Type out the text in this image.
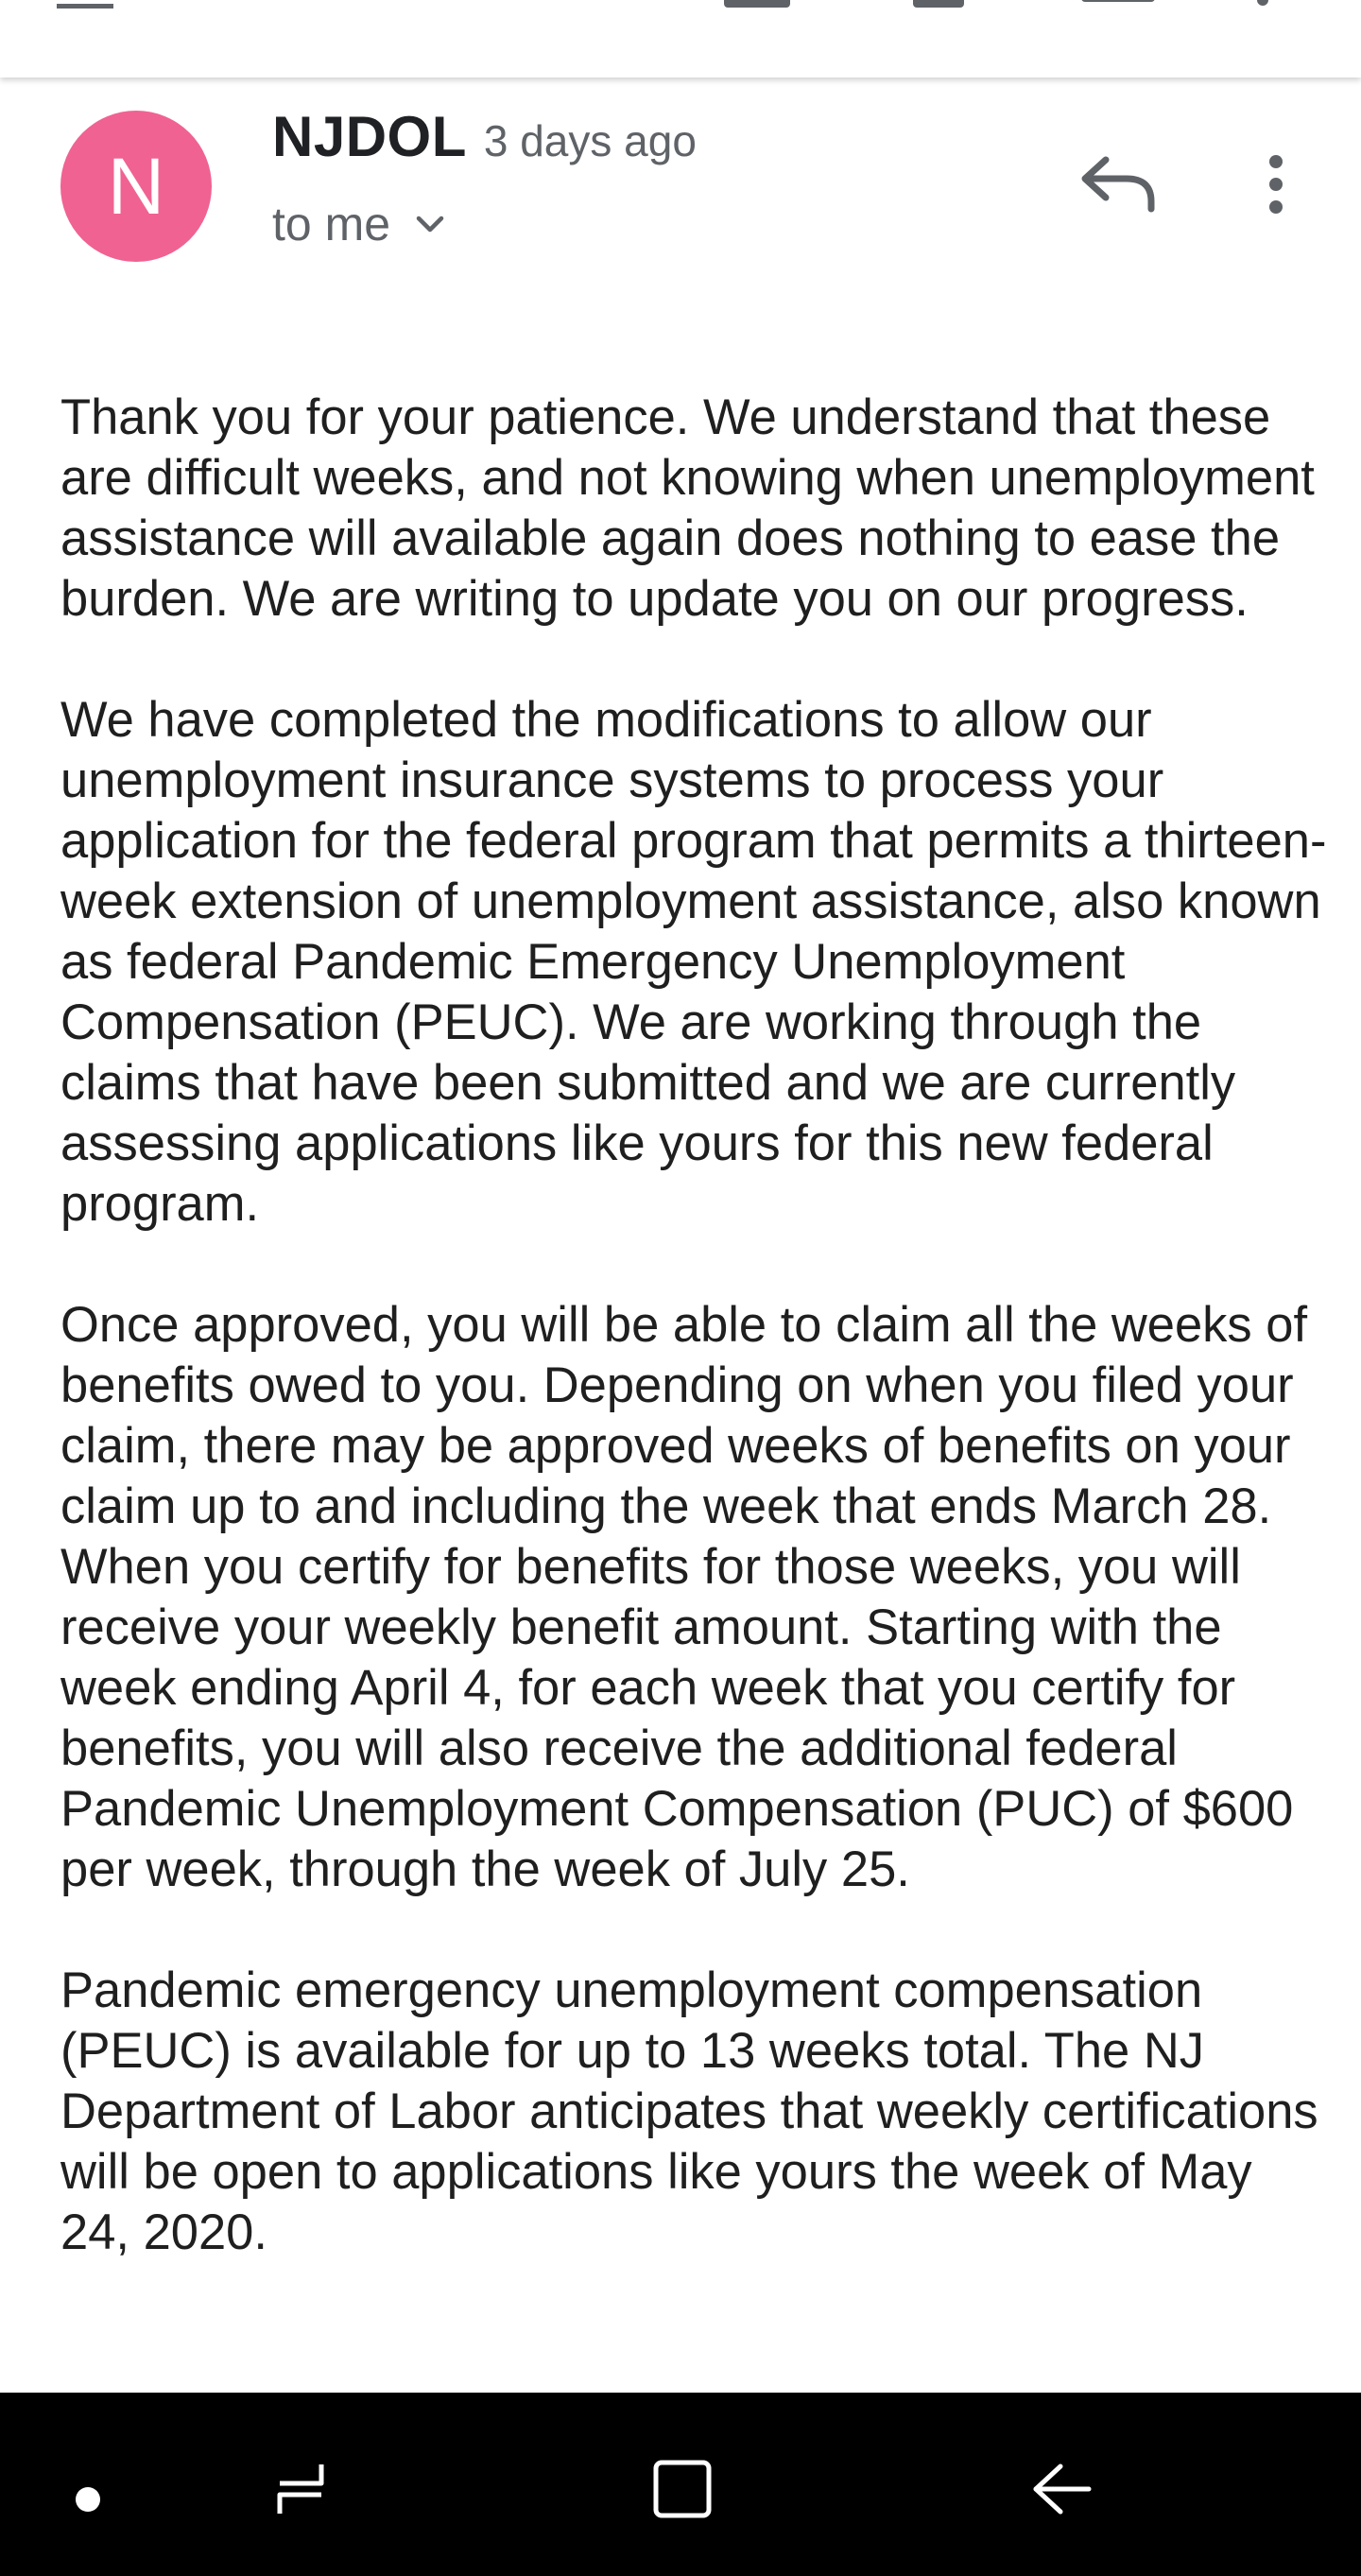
N
NJDOL 3 days ago
to me

Thank you for your patience. We understand that these are difficult weeks, and not knowing when unemployment assistance will available again does nothing to ease the burden. We are writing to update you on our progress.

We have completed the modifications to allow our unemployment insurance systems to process your application for the federal program that permits a thirteen-week extension of unemployment assistance, also known as federal Pandemic Emergency Unemployment Compensation (PEUC). We are working through the claims that have been submitted and we are currently assessing applications like yours for this new federal program.

Once approved, you will be able to claim all the weeks of benefits owed to you. Depending on when you filed your claim, there may be approved weeks of benefits on your claim up to and including the week that ends March 28. When you certify for benefits for those weeks, you will receive your weekly benefit amount. Starting with the week ending April 4, for each week that you certify for benefits, you will also receive the additional federal Pandemic Unemployment Compensation (PUC) of $600 per week, through the week of July 25.

Pandemic emergency unemployment compensation (PEUC) is available for up to 13 weeks total. The NJ Department of Labor anticipates that weekly certifications will be open to applications like yours the week of May 24, 2020.
